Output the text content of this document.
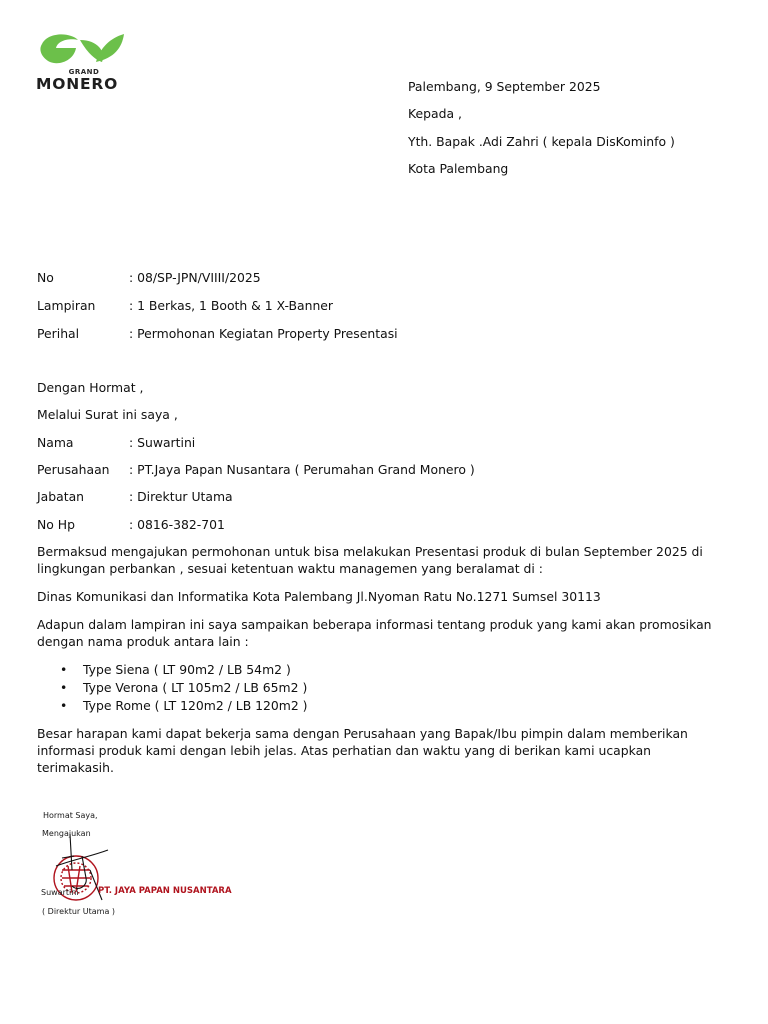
GRAND
MONERO	Palembang, 9 September 2025
Kepada ,
Yth. Bapak .Adi Zahri ( kepala DisKominfo )
Kota Palembang
No	: 08/SP-JPN/VIIII/2025
Lampiran	: 1 Berkas, 1 Booth & 1 X-Banner
Perihal	: Permohonan Kegiatan Property Presentasi
Dengan Hormat ,
Melalui Surat ini saya ,
Nama	: Suwartini
Perusahaan : PT.Jaya Papan Nusantara ( Perumahan Grand Monero )
Jabatan	: Direktur Utama
No Hp	: 0816-382-701
Bermaksud mengajukan permohonan untuk bisa melakukan Presentasi produk di bulan September 2025 di lingkungan perbankan , sesuai ketentuan waktu managemen yang beralamat di :
Dinas Komunikasi dan Informatika Kota Palembang Jl.Nyoman Ratu No.1271 Sumsel 30113
Adapun dalam lampiran ini saya sampaikan beberapa informasi tentang produk yang kami akan promosikan dengan nama produk antara lain :
• Type Siena ( LT 90m2 / LB 54m2 )
• Type Verona ( LT 105m2 / LB 65m2 )
• Type Rome ( LT 120m2 / LB 120m2 )
Besar harapan kami dapat bekerja sama dengan Perusahaan yang Bapak/Ibu pimpin dalam memberikan informasi produk kami dengan lebih jelas. Atas perhatian dan waktu yang di berikan kami ucapkan terimakasih.
Hormat Saya,
Mengajukan
Suwartini PT. JAYA PAPAN NUSANTARA
( Direktur Utama )
